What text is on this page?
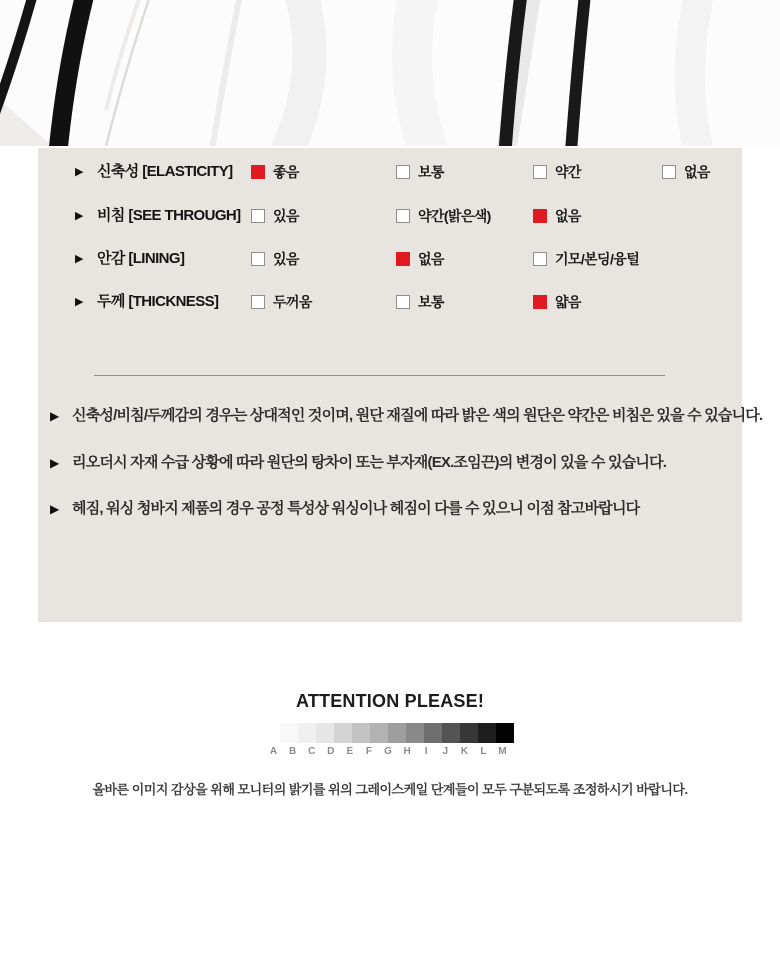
▶ 신축성 [ELASTICITY]	좋음	보통	약간	없음
▶ 비침 [SEE THROUGH] 있음	약간(밝은색)	없음
▶ 안감 [LINING]	있음	없음	기모/본딩/융털
▶ 두께 [THICKNESS]	두꺼움	보통	얇음
▶ 신축성/비침/두께감의 경우는 상대적인 것이며, 원단 재질에 따라 밝은 색의 원단은 약간은 비침은 있을 수 있습니다.
▶ 리오더시 자재 수급 상황에 따라 원단의 탕차이 또는 부자재(EX.조임끈)의 변경이 있을 수 있습니다.
▶ 헤짐, 워싱 청바지 제품의 경우 공정 특성상 워싱이나 헤짐이 다를 수 있으니 이점 참고바랍니다
ATTENTION PLEASE!
A	B	C	D	E	F	G	H	I	J	K	L	M
올바른 이미지 감상을 위해 모니터의 밝기를 위의 그레이스케일 단계들이 모두 구분되도록 조정하시기 바랍니다.
